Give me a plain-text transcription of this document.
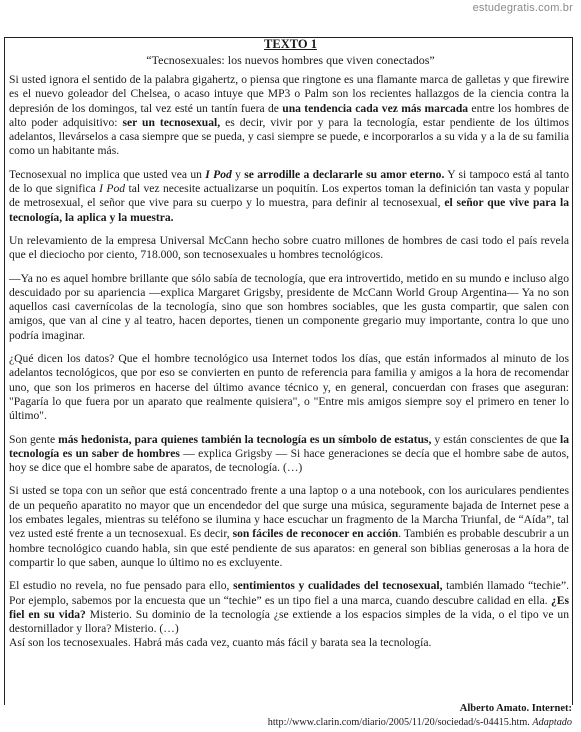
estudegratis.com.br
TEXTO 1
“Tecnosexuales: los nuevos hombres que viven conectados”

Si usted ignora el sentido de la palabra gigahertz, o piensa que ringtone es una flamante marca de galletas y que firewire es el nuevo goleador del Chelsea, o acaso intuye que MP3 o Palm son los recientes hallazgos de la ciencia contra la depresión de los domingos, tal vez esté un tantín fuera de una tendencia cada vez más marcada entre los hombres de alto poder adquisitivo: ser un tecnosexual, es decir, vivir por y para la tecnología, estar pendiente de los últimos adelantos, llevárselos a casa siempre que se pueda, y casi siempre se puede, e incorporarlos a su vida y a la de su familia como un habitante más.

Tecnosexual no implica que usted vea un I Pod y se arrodille a declararle su amor eterno. Y si tampoco está al tanto de lo que significa I Pod tal vez necesite actualizarse un poquitín. Los expertos toman la definición tan vasta y popular de metrosexual, el señor que vive para su cuerpo y lo muestra, para definir al tecnosexual, el señor que vive para la tecnología, la aplica y la muestra.

Un relevamiento de la empresa Universal McCann hecho sobre cuatro millones de hombres de casi todo el país revela que el dieciocho por ciento, 718.000, son tecnosexuales u hombres tecnológicos.

—Ya no es aquel hombre brillante que sólo sabía de tecnología, que era introvertido, metido en su mundo e incluso algo descuidado por su apariencia —explica Margaret Grigsby, presidente de McCann World Group Argentina— Ya no son aquellos casi cavernícolas de la tecnología, sino que son hombres sociables, que les gusta compartir, que salen con amigos, que van al cine y al teatro, hacen deportes, tienen un componente gregario muy importante, contra lo que uno podría imaginar.

¿Qué dicen los datos? Que el hombre tecnológico usa Internet todos los días, que están informados al minuto de los adelantos tecnológicos, que por eso se convierten en punto de referencia para familia y amigos a la hora de recomendar uno, que son los primeros en hacerse del último avance técnico y, en general, concuerdan con frases que aseguran: "Pagaría lo que fuera por un aparato que realmente quisiera", o "Entre mis amigos siempre soy el primero en tener lo último".

Son gente más hedonista, para quienes también la tecnología es un símbolo de estatus, y están conscientes de que la tecnología es un saber de hombres — explica Grigsby — Si hace generaciones se decía que el hombre sabe de autos, hoy se dice que el hombre sabe de aparatos, de tecnología. (…)

Si usted se topa con un señor que está concentrado frente a una laptop o a una notebook, con los auriculares pendientes de un pequeño aparatito no mayor que un encendedor del que surge una música, seguramente bajada de Internet pese a los embates legales, mientras su teléfono se ilumina y hace escuchar un fragmento de la Marcha Triunfal, de “Aída”, tal vez usted esté frente a un tecnosexual. Es decir, son fáciles de reconocer en acción. También es probable descubrir a un hombre tecnológico cuando habla, sin que esté pendiente de sus aparatos: en general son biblias generosas a la hora de compartir lo que saben, aunque lo último no es excluyente.

El estudio no revela, no fue pensado para ello, sentimientos y cualidades del tecnosexual, también llamado “techie”. Por ejemplo, sabemos por la encuesta que un “techie” es un tipo fiel a una marca, cuando descubre calidad en ella. ¿Es fiel en su vida? Misterio. Su dominio de la tecnología ¿se extiende a los espacios simples de la vida, o el tipo ve un destornillador y llora? Misterio. (…)

Así son los tecnosexuales. Habrá más cada vez, cuanto más fácil y barata sea la tecnología.

Alberto Amato. Internet:
http://www.clarin.com/diario/2005/11/20/sociedad/s-04415.htm. Adaptado
